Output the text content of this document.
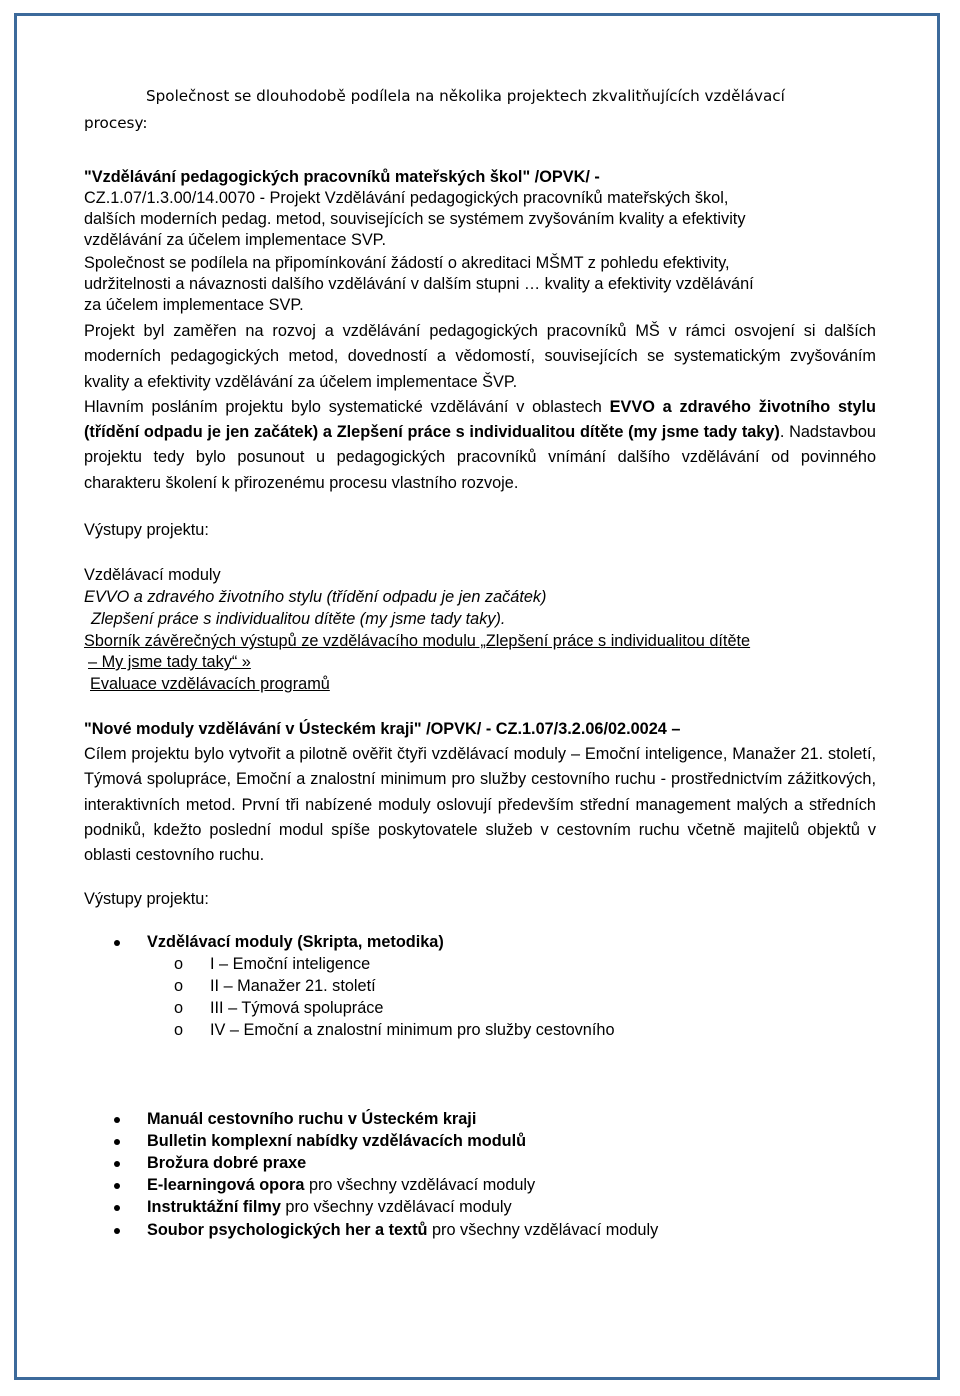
Společnost se dlouhodobě podílela na několika projektech zkvalitňujících vzdělávací
procesy:

"Vzdělávání pedagogických pracovníků mateřských škol" /OPVK/ -

CZ.1.07/1.3.00/14.0070 - Projekt Vzdělávání pedagogických pracovníků mateřských škol,
dalších moderních pedag. metod, souvisejících se systémem zvyšováním kvality a efektivity
vzdělávání za účelem implementace SVP.
Společnost se podílela na připomínkování žádostí o akreditaci MŠMT z pohledu efektivity,
udržitelnosti a návaznosti dalšího vzdělávání v dalším stupni … kvality a efektivity vzdělávání
za účelem implementace SVP.

Projekt byl zaměřen na rozvoj a vzdělávání pedagogických pracovníků MŠ v rámci osvojení si dalších moderních pedagogických metod, dovedností a vědomostí, souvisejících se systematickým zvyšováním kvality a efektivity vzdělávání za účelem implementace ŠVP.

Hlavním posláním projektu bylo systematické vzdělávání v oblastech EVVO a zdravého životního stylu (třídění odpadu je jen začátek) a Zlepšení práce s individualitou dítěte (my jsme tady taky). Nadstavbou projektu tedy bylo posunout u pedagogických pracovníků vnímání dalšího vzdělávání od povinného charakteru školení k přirozenému procesu vlastního rozvoje.

Výstupy projektu:

Vzdělávací moduly
EVVO a zdravého životního stylu (třídění odpadu je jen začátek)
Zlepšení práce s individualitou dítěte (my jsme tady taky).
Sborník závěrečných výstupů ze vzdělávacího modulu „Zlepšení práce s individualitou dítěte
– My jsme tady taky“ »
Evaluace vzdělávacích programů

"Nové moduly vzdělávání v Ústeckém kraji" /OPVK/ - CZ.1.07/3.2.06/02.0024 –

Cílem projektu bylo vytvořit a pilotně ověřit čtyři vzdělávací moduly – Emoční inteligence, Manažer 21. století, Týmová spolupráce, Emoční a znalostní minimum pro služby cestovního ruchu - prostřednictvím zážitkových, interaktivních metod. První tři nabízené moduly oslovují především střední management malých a středních podniků, kdežto poslední modul spíše poskytovatele služeb v cestovním ruchu včetně majitelů objektů v oblasti cestovního ruchu.

Výstupy projektu:

Vzdělávací moduly (Skripta, metodika)
o I – Emoční inteligence
o II – Manažer 21. století
o III – Týmová spolupráce
o IV – Emoční a znalostní minimum pro služby cestovního
Manuál cestovního ruchu v Ústeckém kraji
Bulletin komplexní nabídky vzdělávacích modulů
Brožura dobré praxe
E-learningová opora pro všechny vzdělávací moduly
Instruktážní filmy pro všechny vzdělávací moduly
Soubor psychologických her a textů pro všechny vzdělávací moduly
